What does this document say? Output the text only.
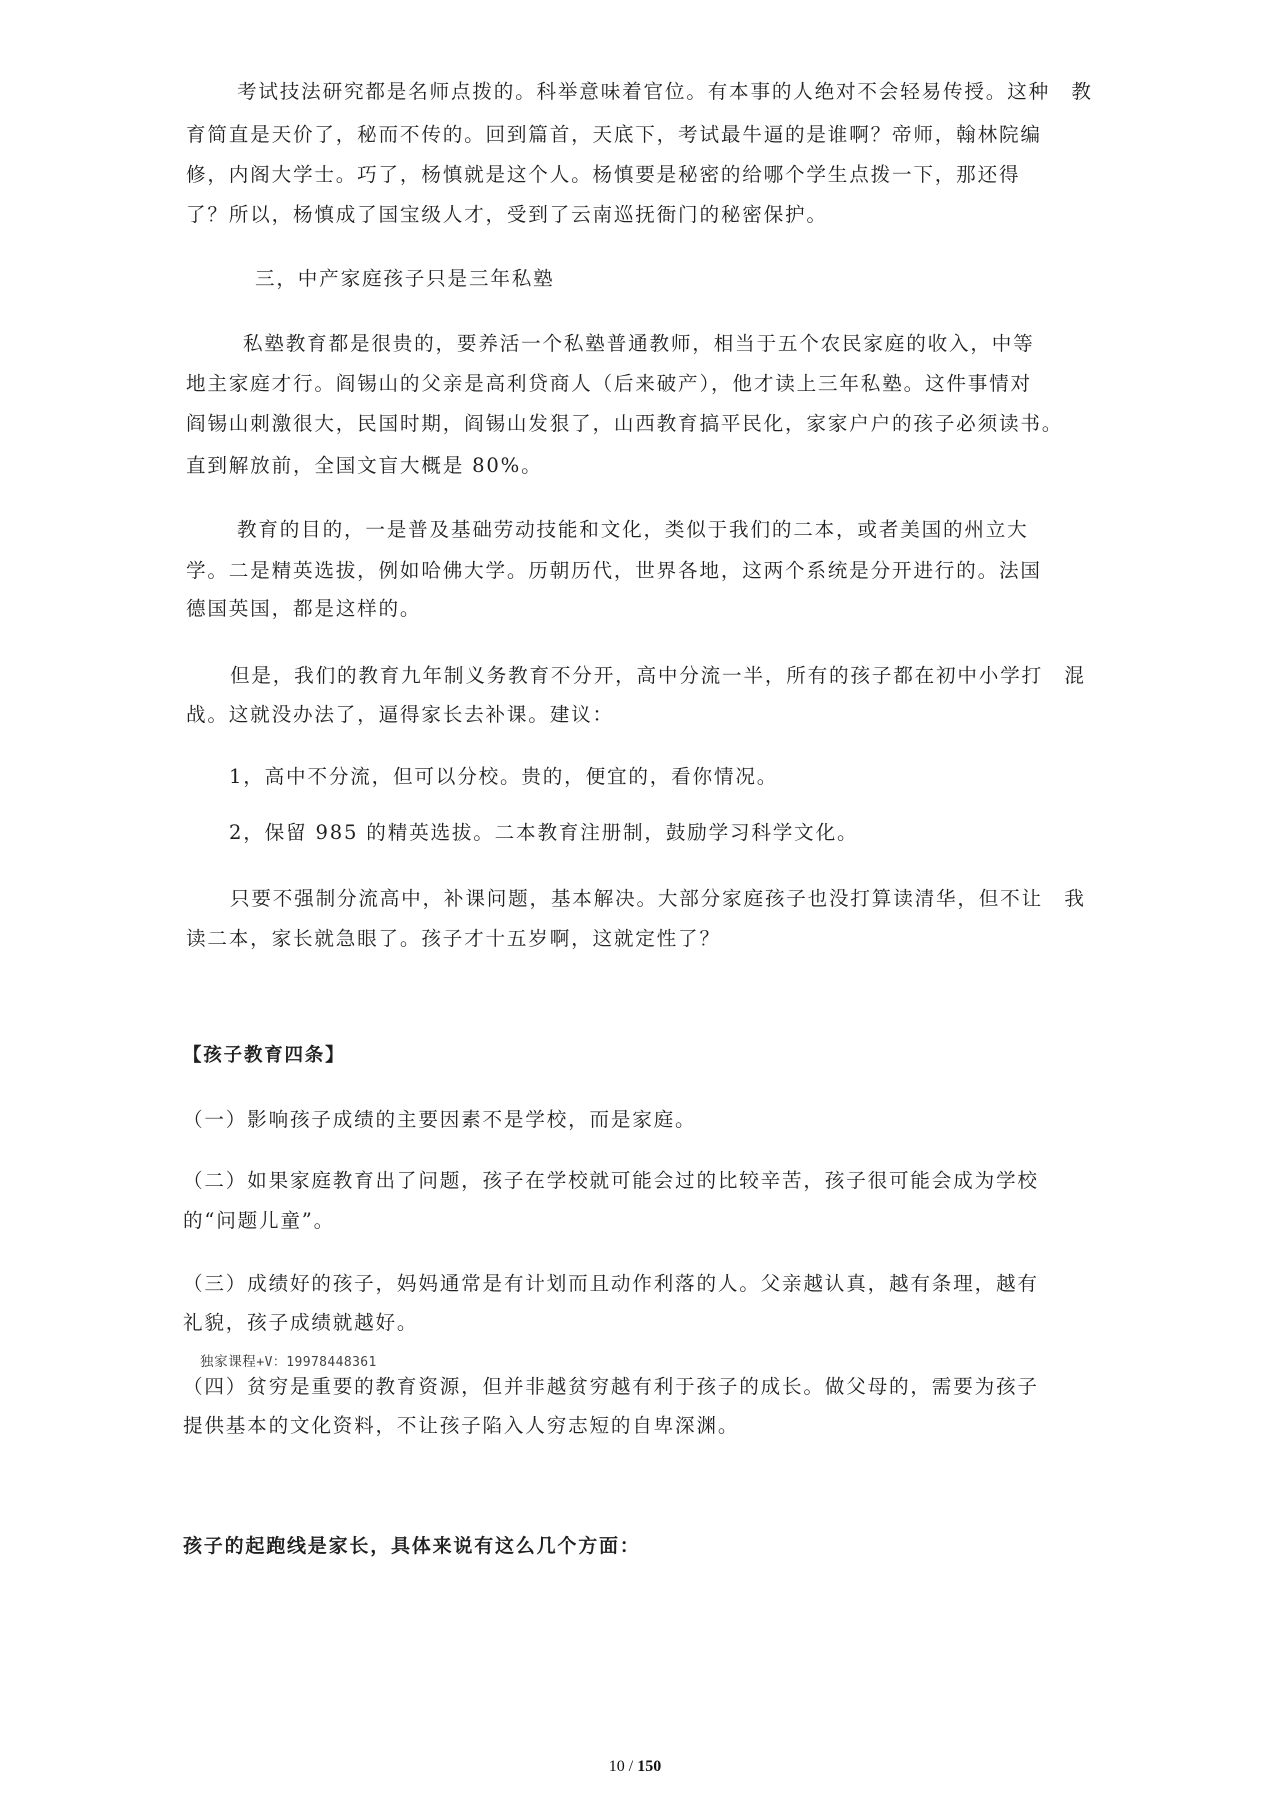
考试技法研究都是名师点拨的。科举意味着官位。有本事的人绝对不会轻易传授。这种　教

育简直是天价了，秘而不传的。回到篇首，天底下，考试最牛逼的是谁啊？帝师，翰林院编

修，内阁大学士。巧了，杨慎就是这个人。杨慎要是秘密的给哪个学生点拨一下，那还得

了？所以，杨慎成了国宝级人才，受到了云南巡抚衙门的秘密保护。

三，中产家庭孩子只是三年私塾

私塾教育都是很贵的，要养活一个私塾普通教师，相当于五个农民家庭的收入，中等

地主家庭才行。阎锡山的父亲是高利贷商人（后来破产），他才读上三年私塾。这件事情对

阎锡山刺激很大，民国时期，阎锡山发狠了，山西教育搞平民化，家家户户的孩子必须读书。

直到解放前，全国文盲大概是 80%。

教育的目的，一是普及基础劳动技能和文化，类似于我们的二本，或者美国的州立大

学。二是精英选拔，例如哈佛大学。历朝历代，世界各地，这两个系统是分开进行的。法国

德国英国，都是这样的。

但是，我们的教育九年制义务教育不分开，高中分流一半，所有的孩子都在初中小学打　混

战。这就没办法了，逼得家长去补课。建议：

1，高中不分流，但可以分校。贵的，便宜的，看你情况。

2，保留 985 的精英选拔。二本教育注册制，鼓励学习科学文化。

只要不强制分流高中，补课问题，基本解决。大部分家庭孩子也没打算读清华，但不让　我

读二本，家长就急眼了。孩子才十五岁啊，这就定性了？

【孩子教育四条】

（一）影响孩子成绩的主要因素不是学校，而是家庭。

（二）如果家庭教育出了问题，孩子在学校就可能会过的比较辛苦，孩子很可能会成为学校

的“问题儿童”。

（三）成绩好的孩子，妈妈通常是有计划而且动作利落的人。父亲越认真，越有条理，越有

礼貌，孩子成绩就越好。

独家课程+V：19978448361

（四）贫穷是重要的教育资源，但并非越贫穷越有利于孩子的成长。做父母的，需要为孩子

提供基本的文化资料，不让孩子陷入人穷志短的自卑深渊。

孩子的起跑线是家长，具体来说有这么几个方面：

10 / 150
